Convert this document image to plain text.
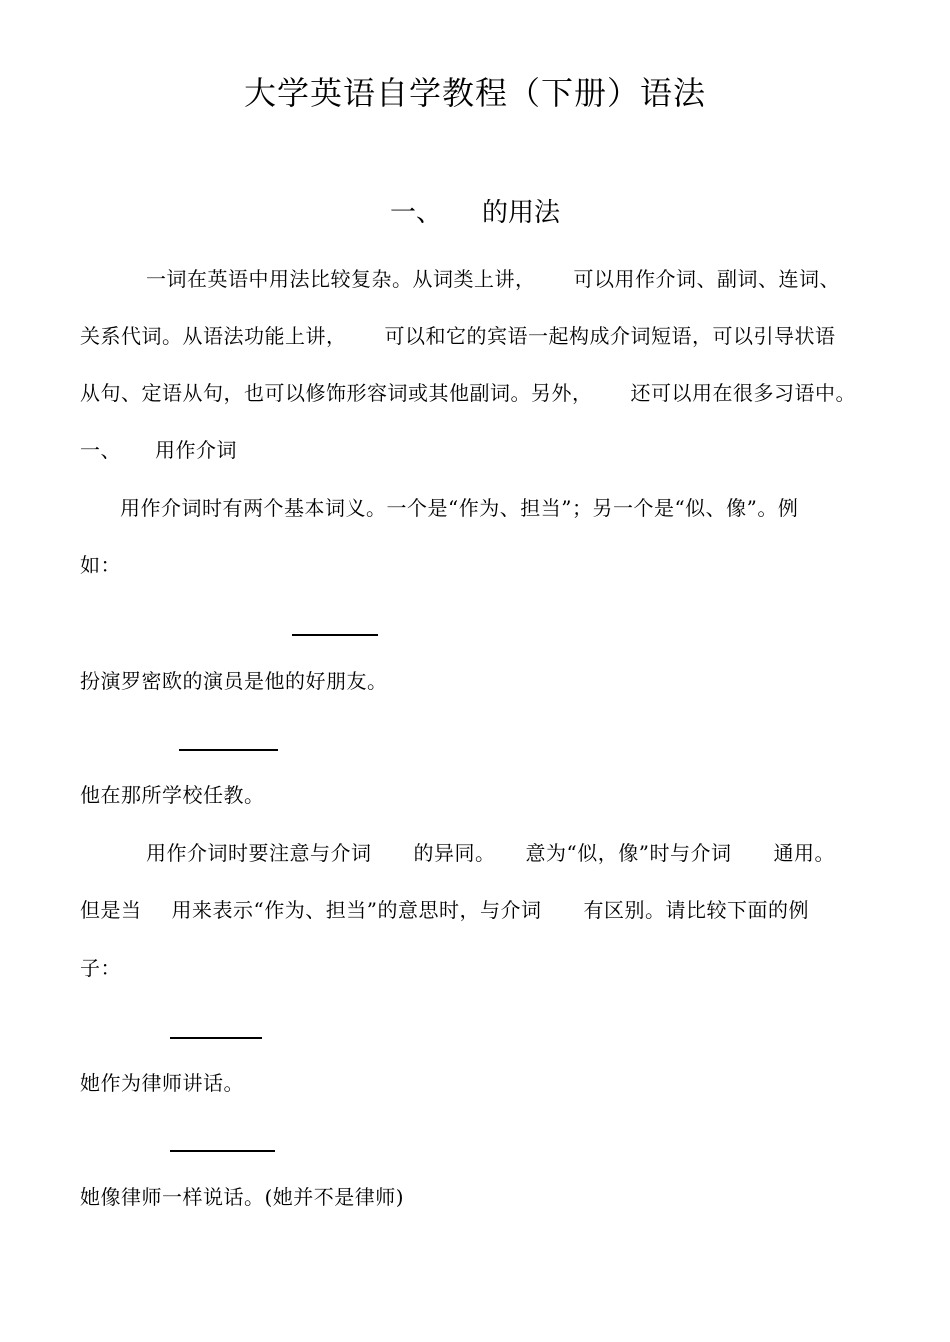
大学英语自学教程（下册）语法
一、 的用法
一词在英语中用法比较复杂。从词类上讲， 可以用作介词、副词、连词、
关系代词。从语法功能上讲， 可以和它的宾语一起构成介词短语，可以引导状语
从句、定语从句，也可以修饰形容词或其他副词。另外， 还可以用在很多习语中。
一、 用作介词
用作介词时有两个基本词义。一个是“作为、担当”；另一个是“似、像”。例
如：
扮演罗密欧的演员是他的好朋友。
他在那所学校任教。
用作介词时要注意与介词 的异同。 意为“似，像”时与介词 通用。
但是当 用来表示“作为、担当”的意思时，与介词 有区别。请比较下面的例
子：
她作为律师讲话。
她像律师一样说话。(她并不是律师)
